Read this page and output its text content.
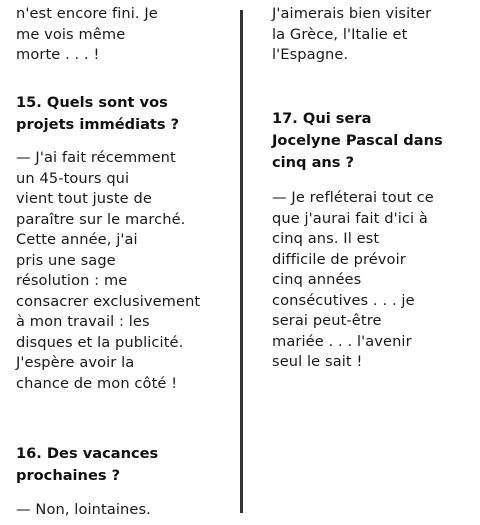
n'est encore fini. Je
me vois même
morte . . . !

15. Quels sont vos
projets immédiats ?

— J'ai fait récemment
un 45-tours qui
vient tout juste de
paraître sur le marché.
Cette année, j'ai
pris une sage
résolution : me
consacrer exclusivement
à mon travail : les
disques et la publicité.
J'espère avoir la
chance de mon côté !

16. Des vacances
prochaines ?

— Non, lointaines.

J'aimerais bien visiter
la Grèce, l'Italie et
l'Espagne.

17. Qui sera
Jocelyne Pascal dans
cinq ans ?

— Je refléterai tout ce
que j'aurai fait d'ici à
cinq ans. Il est
difficile de prévoir
cinq années
consécutives . . . je
serai peut-être
mariée . . . l'avenir
seul le sait !
